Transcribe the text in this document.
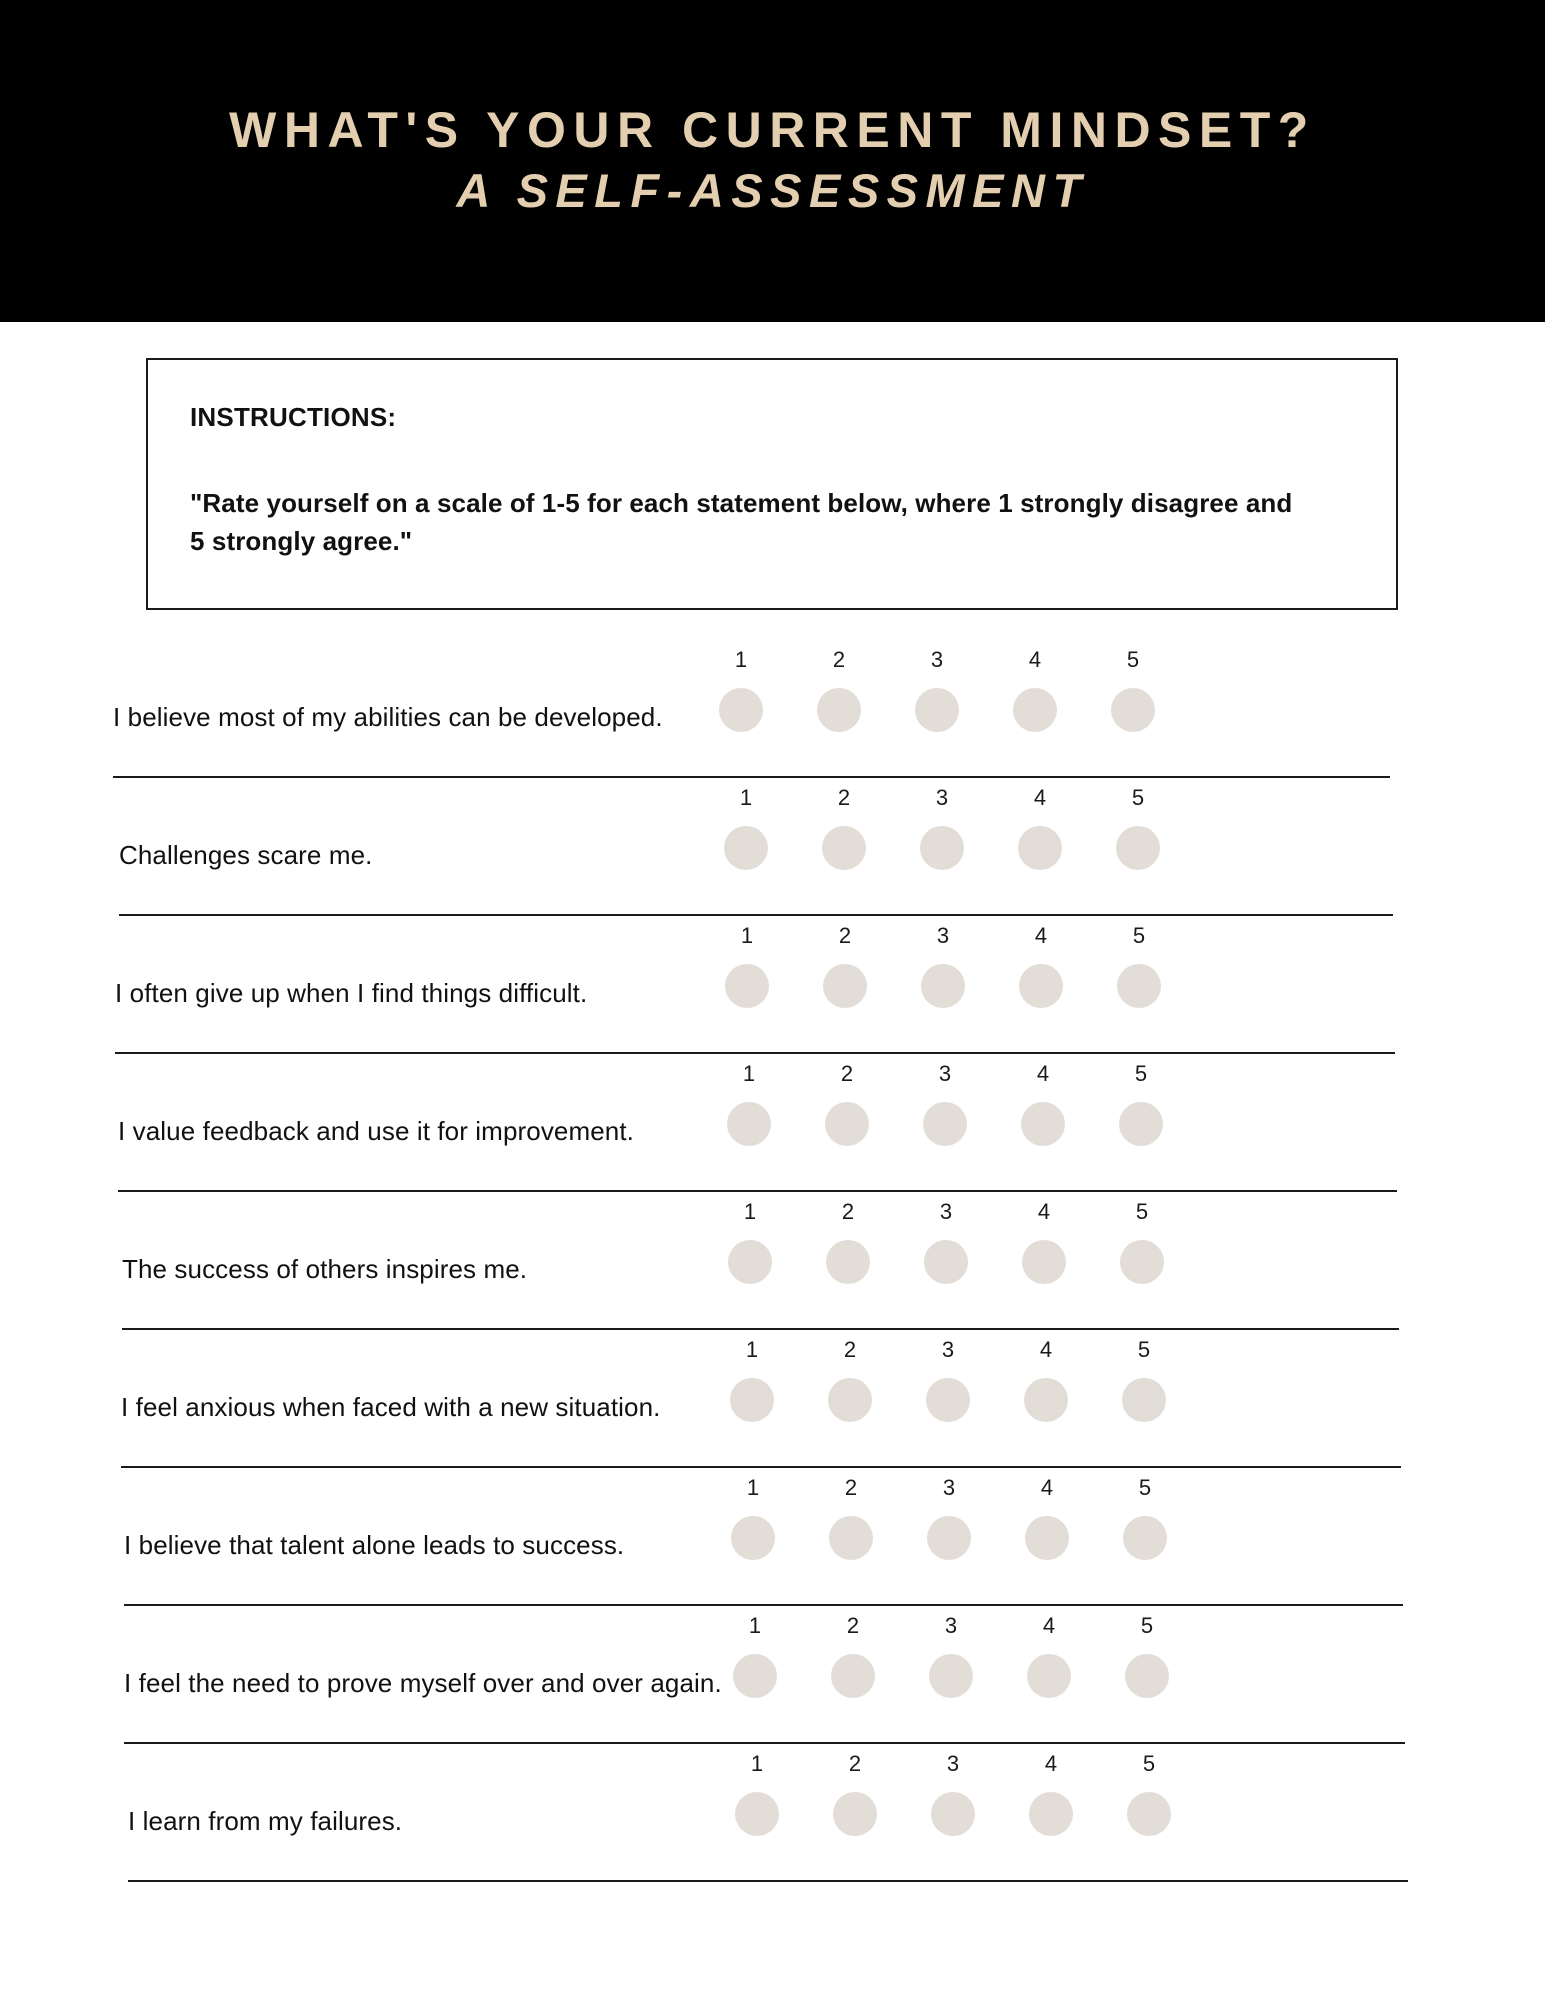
WHAT'S YOUR CURRENT MINDSET?
A SELF-ASSESSMENT
INSTRUCTIONS:
"Rate yourself on a scale of 1-5 for each statement below, where 1 strongly disagree and 5 strongly agree."
1	2	3	4	5
I believe most of my abilities can be developed.
1	2	3	4	5
Challenges scare me.
1	2	3	4	5
I often give up when I find things difficult.
1	2	3	4	5
I value feedback and use it for improvement.
1	2	3	4	5
The success of others inspires me.
1	2	3	4	5
I feel anxious when faced with a new situation.
1	2	3	4	5
I believe that talent alone leads to success.
1	2	3	4	5
I feel the need to prove myself over and over again.
1	2	3	4	5
I learn from my failures.
